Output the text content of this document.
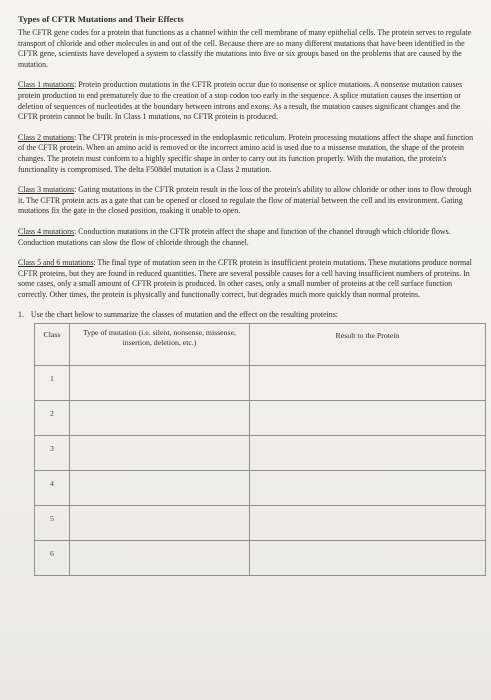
Types of CFTR Mutations and Their Effects

The CFTR gene codes for a protein that functions as a channel within the cell membrane of many epithelial cells. The protein serves to regulate transport of chloride and other molecules in and out of the cell. Because there are so many different mutations that have been identified in the CFTR gene, scientists have developed a system to classify the mutations into five or six groups based on the problems that are caused by the mutation.

Class 1 mutations: Protein production mutations in the CFTR protein occur due to nonsense or splice mutations. A nonsense mutation causes protein production to end prematurely due to the creation of a stop codon too early in the sequence. A splice mutation causes the insertion or deletion of sequences of nucleotides at the boundary between introns and exons. As a result, the mutation causes significant changes and the CFTR protein cannot be built. In Class 1 mutations, no CFTR protein is produced.

Class 2 mutations: The CFTR protein is mis-processed in the endoplasmic reticulum. Protein processing mutations affect the shape and function of the CFTR protein. When an amino acid is removed or the incorrect amino acid is used due to a missense mutation, the shape of the protein changes. The protein must conform to a highly specific shape in order to carry out its function properly. With the mutation, the protein's functionality is compromised. The delta F508del mutation is a Class 2 mutation.

Class 3 mutations: Gating mutations in the CFTR protein result in the loss of the protein's ability to allow chloride or other ions to flow through it. The CFTR protein acts as a gate that can be opened or closed to regulate the flow of material between the cell and its environment. Gating mutations fix the gate in the closed position, making it unable to open.

Class 4 mutations: Conduction mutations in the CFTR protein affect the shape and function of the channel through which chloride flows. Conduction mutations can slow the flow of chloride through the channel.

Class 5 and 6 mutations: The final type of mutation seen in the CFTR protein is insufficient protein mutations. These mutations produce normal CFTR proteins, but they are found in reduced quantities. There are several possible causes for a cell having insufficient numbers of proteins. In some cases, only a small amount of CFTR protein is produced. In other cases, only a small number of proteins at the cell surface function correctly. Other times, the protein is physically and functionally correct, but degrades much more quickly than normal proteins.

1. Use the chart below to summarize the classes of mutation and the effect on the resulting proteins:
Class	Type of mutation (i.e. silent, nonsense, missense, insertion, deletion, etc.)	Result to the Protein
1		
2		
3		
4		
5		
6		
